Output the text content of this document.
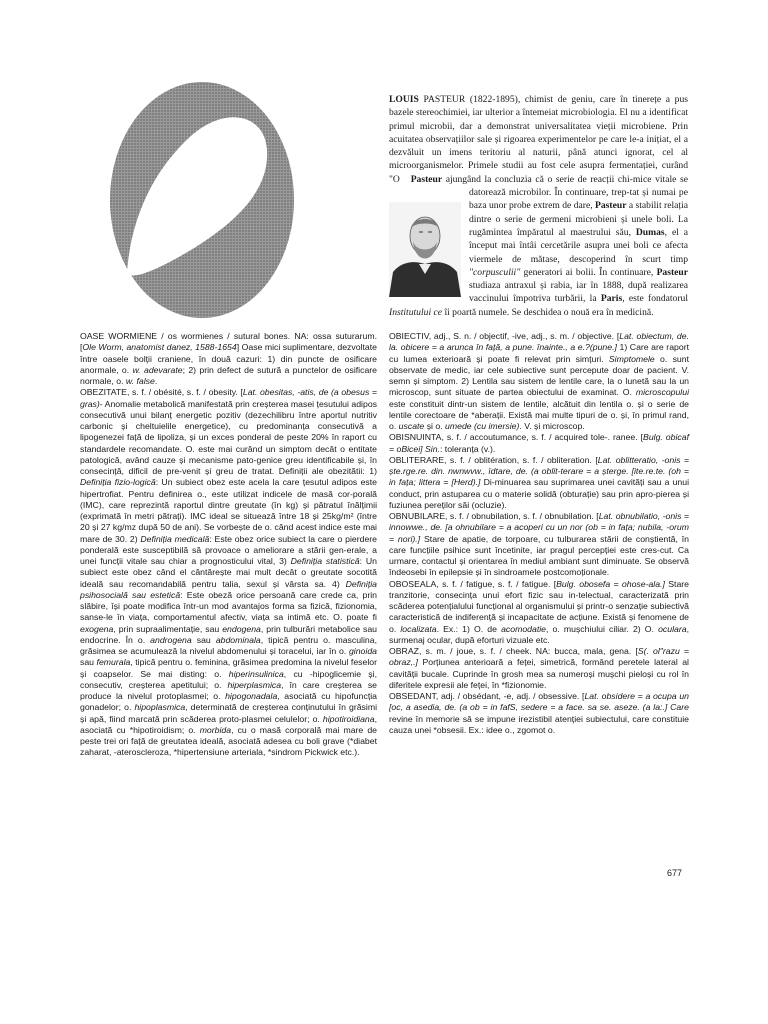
LOUIS PASTEUR (1822-1895), chimist de geniu, care în tinerețe a pus bazele stereochimiei, iar ulterior a întemeiat microbiologia. El nu a identificat primul microbii, dar a demonstrat universalitatea vieții microbiene. Prin acuitatea observațiilor sale și rigoarea experimentelor pe care le-a inițiat, el a dezvăluit un imens teritoriu al naturii, până atunci ignorat, cel al microorganismelor. Primele studii au fost cele asupra fermentației, curând "O Pasteur ajungând la concluzia că o serie de reacții chi-
mice vitale se datorează microbilor. În continuare, trep-tat și numai pe baza unor probe extrem de dare, Pasteur a stabilit relația dintre o serie de germeni microbieni și unele boli. La rugămintea împăratul al maestrului său, Dumas, el a început mai întâi cercetările asupra unei boli ce afecta viermele de mătase, descoperind în scurt timp "corpusculii" generatori ai bolii. În continuare, Pasteur studiaza antraxul și rabia, iar în 1888, după realizarea vaccinului împotriva turbării, la Paris, este fondatorul Institutului ce îi poartă numele. Se deschidea o nouă era în medicină.

OASE WORMIENE / os wormienes / sutural bones. NA: ossa suturarum. [Ole Worm, anatomist danez, 1588-1654] Oase mici suplimentare, dezvoltate între oasele bolții craniene, în două cazuri: 1) din puncte de osificare anormale, o. w. adevarate; 2) prin defect de sutură a punctelor de osificare normale, o. w. false.

OBEZITATE, s. f. / obésité, s. f. / obesity. [Lat. obesitas, -atis, de (a obesus = gras)- Anomalie metabolică manifestată prin creșterea masei țesutului adipos consecutivă unui bilanț energetic pozitiv (dezechilibru între aportul nutritiv carbonic și cheltuielile energetice), cu predominanța consecutivă a lipogenezei față de lipoliza, și un exces ponderal de peste 20% în raport cu standardele recomandate. O. este mai curând un simptom decât o entitate patologică, având cauze și mecanisme pato-genice greu identificabile și, în consecință, dificil de pre-venit și greu de tratat. Definiții ale obezitătii: 1) Definiția fizio-logică: Un subiect obez este acela la care țesutul adipos este hipertrofiat. Pentru definirea o., este utilizat indicele de masă cor-porală (IMC), care reprezintă raportul dintre greutate (în kg) și pătratul înălțimii (exprimată în metri pătrați). IMC ideal se situează între 18 și 25kg/m² (între 20 și 27 kg/mz după 50 de ani). Se vorbește de o. când acest indice este mai mare de 30. 2) Definiția medicală: Este obez orice subiect la care o pierdere ponderală este susceptibilă să provoace o ameliorare a stării gen-erale, a unei funcții vitale sau chiar a prognosticului vital, 3) Definiția statistică: Un subiect este obez când el cântărește mai mult decât o greutate socotită ideală sau recomandabilă pentru talia, sexul și vârsta sa. 4) Definiția psihosocială sau estetică: Este obeză orice persoană care crede ca, prin slăbire, își poate modifica într-un mod avantajos forma sa fizică, fizionomia, sanse-le în viața, comportamentul afectiv, viața sa intimă etc. O. poate fi exogena, prin supraalimentație, sau endogena, prin tulburări metabolice sau endocrine. În o. androgena sau abdominala, tipică pentru o. masculina, grăsimea se acumulează la nivelul abdomenului și toracelui, iar în o. ginoida sau femurala, tipică pentru o. feminina, grăsimea predomina la nivelul feselor și coapselor. Se mai disting: o. hiperinsulinica, cu -hipoglicemie și, consecutiv, creșterea apetitului; o. hiperplasmica, în care creșterea se produce la nivelul protoplasmei; o. hipogonadala, asociată cu hipofuncția gonadelor; o. hipoplasmica, determinată de creșterea conținutului în grăsimi și apă, fiind marcată prin scăderea proto-plasmei celulelor; o. hipotiroidiana, asociată cu *hipotiroidism; o. morbida, cu o masă corporală mai mare de peste trei ori față de greutatea ideală, asociată adesea cu boli grave (*diabet zaharat, -ateroscleroza, *hipertensiune arteriala, *sindrom Pickwick etc.).

OBIECTIV, adj., S. n. / objectif, -ive, adj., s. m. / objective. [Lat. obiectum, de. la. obicere = a arunca în față, a pune. înainte., a e.?(pune.] 1) Care are raport cu lumea exterioară și poate fi relevat prin simțuri. Simptomele o. sunt observate de medic, iar cele subiective sunt percepute doar de pacient. V. semn și simptom. 2) Lentila sau sistem de lentile care, la o lunetă sau la un microscop, sunt situate de partea obiectului de examinat. O. microscopului este constituit dintr-un sistem de lentile, alcătuit din lentila o. și o serie de lentile corectoare de *aberații. Există mai multe tipuri de o. și, în primul rand, o. uscate și o. umede (cu imersie). V. și microscop.

OBISNUINTA, s. f. / accoutumance, s. f. / acquired tole-. ranee. [Bulg. obicaf = oBicei] Sin.: toleranța (v.).

OBLITERARE, s. f. / oblitération, s. f. / obliteration. [Lat. oblitteratio, -onis = ște.rge.re. din. nwnwvw., ïdtare, de. (a oblit-terare = a șterge. [ite.re.te. (oh = in fața; littera = [Herd).] Di-minuarea sau suprimarea unei cavități sau a unui conduct, prin astuparea cu o materie solidă (obturație) sau prin apro-pierea și fuziunea pereților săi (ocluzie).

OBNUBILARE, s. f. / obnubilation, s. f. / obnubilation. [Lat. obnubilatio, -onis = innowwe., de. [a ohnubilare = a acoperi cu un nor (ob = in fața; nubila, -orum = nori).] Stare de apatie, de torpoare, cu tulburarea stării de conștientă, în care funcțiile psihice sunt încetinite, iar pragul percepției este cres-cut. Ca urmare, contactul și orientarea în mediul ambiant sunt diminuate. Se observă îndeosebi în epilepsie și în sindroamele postcomoționale.

OBOSEALA, s. f. / fatigue, s. f. / fatigue. [Bulg. obosefa = ohose-ala.] Stare tranzitorie, consecința unui efort fizic sau in-telectual, caracterizată prin scăderea potențialului funcțional al organismului și printr-o senzație subiectivă caracteristică de indiferență și incapacitate de acțiune. Există și fenomene de o. localizata. Ex.: 1) O. de acomodatie, o. mușchiului ciliar. 2) O. oculara, surmenaj ocular, după eforturi vizuale etc.

OBRAZ, s. m. / joue, s. f. / cheek. NA: bucca, mala, gena. [S(. ol"razu = obraz,.] Porțiunea anterioară a feței, simetrică, formând peretele lateral al cavității bucale. Cuprinde în grosh mea sa numeroși mușchi pieloși cu rol în diferitele expresii ale feței, în *fizionomie.

OBSEDANT, adj. / obsédant, -e, adj. / obsessive. [Lat. obsidere = a ocupa un [oc, a asedia, de. (a ob = in fafS, sedere = a face. sa se. aseze. (a la:.] Care revine în memorie să se impune irezistibil atenției subiectului, care constituie cauza unei *obsesii. Ex.: idee o., zgomot o.

677
